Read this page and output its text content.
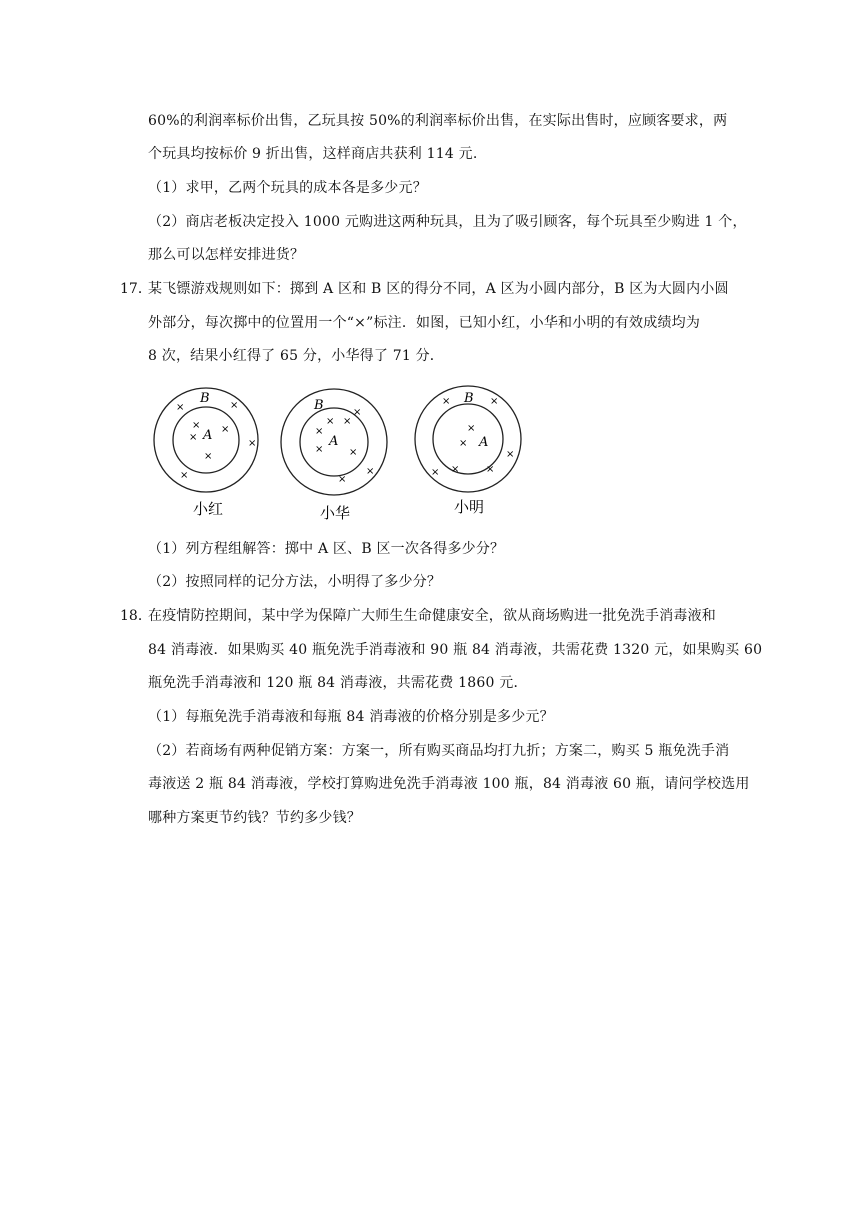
60%的利润率标价出售，乙玩具按 50%的利润率标价出售，在实际出售时，应顾客要求，两
个玩具均按标价 9 折出售，这样商店共获利 114 元.
（1）求甲，乙两个玩具的成本各是多少元？
（2）商店老板决定投入 1000 元购进这两种玩具，且为了吸引顾客，每个玩具至少购进 1 个，
那么可以怎样安排进货？
17．
某飞镖游戏规则如下：掷到 A 区和 B 区的得分不同，A 区为小圆内部分，B 区为大圆内小圆
外部分，每次掷中的位置用一个“×”标注．如图，已知小红，小华和小明的有效成绩均为
8 次，结果小红得了 65 分，小华得了 71 分．
B
A
×	×
×
×
× ×
×
×
小红
B
A
×
×
× ×
×
×	×
×
小华
B
A
×	×
×
× ×	×
×
×
小明
（1）列方程组解答：掷中 A 区、B 区一次各得多少分？
（2）按照同样的记分方法，小明得了多少分？
18．
在疫情防控期间，某中学为保障广大师生生命健康安全，欲从商场购进一批免洗手消毒液和
84 消毒液．如果购买 40 瓶免洗手消毒液和 90 瓶 84 消毒液，共需花费 1320 元，如果购买 60
瓶免洗手消毒液和 120 瓶 84 消毒液，共需花费 1860 元．
（1）每瓶免洗手消毒液和每瓶 84 消毒液的价格分别是多少元？
（2）若商场有两种促销方案：方案一，所有购买商品均打九折；方案二，购买 5 瓶免洗手消
毒液送 2 瓶 84 消毒液，学校打算购进免洗手消毒液 100 瓶，84 消毒液 60 瓶，请问学校选用
哪种方案更节约钱？节约多少钱？
